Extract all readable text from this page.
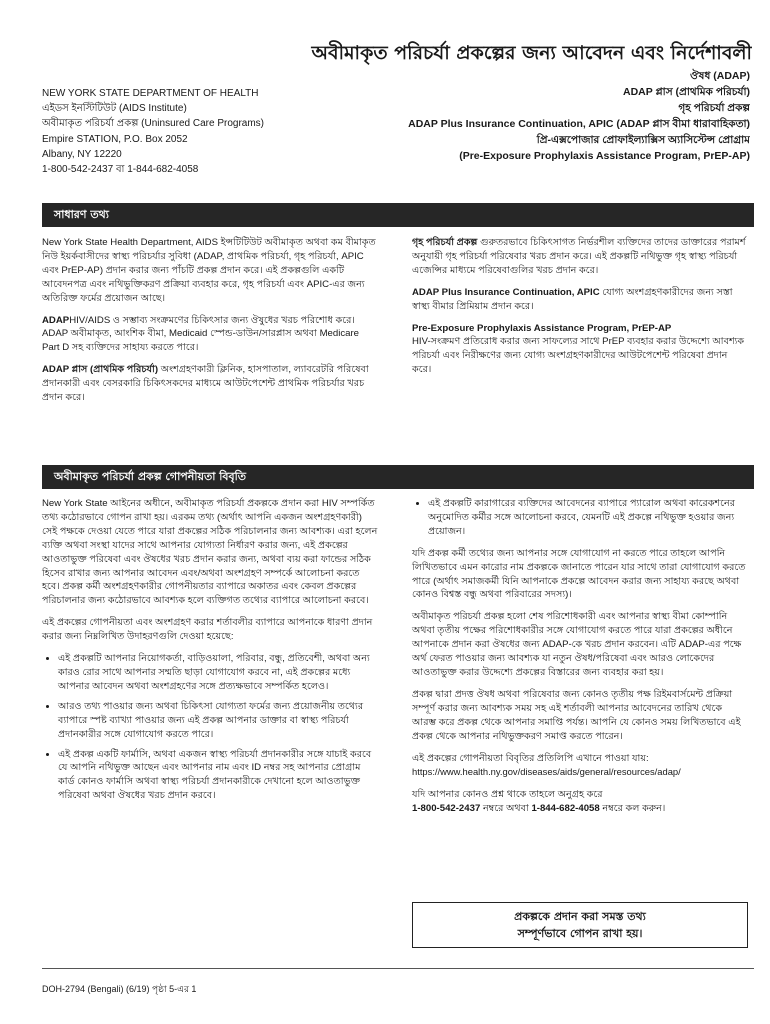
অবীমাকৃত পরিচর্যা প্রকল্পের জন্য আবেদন এবং নির্দেশাবলী
NEW YORK STATE DEPARTMENT OF HEALTH
এইডস ইনস্টিটিউট (AIDS Institute)
অবীমাকৃত পরিচর্যা প্রকল্প (Uninsured Care Programs)
Empire STATION, P.O. Box 2052
Albany, NY 12220
1-800-542-2437 বা 1-844-682-4058
ঔষধ (ADAP)
ADAP প্লাস (প্রাথমিক পরিচর্যা)
গৃহ পরিচর্যা প্রকল্প
ADAP Plus Insurance Continuation, APIC (ADAP প্লাস বীমা ধারাবাহিকতা)
প্রি-এক্সপোজার প্রোফাইল্যাক্সিস অ্যাসিস্টেন্স প্রোগ্রাম
(Pre-Exposure Prophylaxis Assistance Program, PrEP-AP)
সাধারণ তথ্য

New York State Health Department, AIDS ইন্সটিটিউট অবীমাকৃত অথবা কম বীমাকৃত নিউ ইয়র্কবাসীদের স্বাস্থ্য পরিচর্যার সুবিধা (ADAP, প্রাথমিক পরিচর্যা, গৃহ পরিচর্যা, APIC এবং PrEP-AP) প্রদান করার জন্য পাঁচটি প্রকল্প প্রদান করে। এই প্রকল্পগুলি একটি আবেদনপত্র এবং নথিভুক্তিকরণ প্রক্রিয়া ব্যবহার করে, গৃহ পরিচর্যা এবং APIC-এর জন্য অতিরিক্ত ফর্মের প্রয়োজন আছে।

ADAPHIV/AIDS ও সম্ভাব্য সংক্রমণের চিকিৎসার জন্য ঔষুধের খরচ পরিশোধ করে। ADAP অবীমাকৃত, আংশিক বীমা, Medicaid স্পেন্ড-ডাউন/সারপ্লাস অথবা Medicare Part D সহ ব্যক্তিদের সাহায্য করতে পারে।

ADAP প্লাস (প্রাথমিক পরিচর্যা) অংশগ্রহণকারী ক্লিনিক, হাসপাতাল, ল্যাবরেটরি পরিষেবা প্রদানকারী এবং বেসরকারি চিকিৎসকদের মাধ্যমে আউটপেশেন্ট প্রাথমিক পরিচর্যার খরচ প্রদান করে।

গৃহ পরিচর্যা প্রকল্প গুরুতরভাবে চিকিৎসাগত নির্ভরশীল ব্যক্তিদের তাদের ডাক্তারের পরামর্শ অনুযায়ী গৃহ পরিচর্যা পরিষেবার খরচ প্রদান করে। এই প্রকল্পটি নথিভুক্ত গৃহ স্বাস্থ্য পরিচর্যা এজেন্সির মাধ্যমে পরিষেবাগুলির খরচ প্রদান করে।

ADAP Plus Insurance Continuation, APIC যোগ্য অংশগ্রহণকারীদের জন্য সস্তা স্বাস্থ্য বীমার প্রিমিয়াম প্রদান করে।

Pre-Exposure Prophylaxis Assistance Program, PrEP-AP
HIV-সংক্রমণ প্রতিরোধ করার জন্য সাফল্যের সাথে PrEP ব্যবহার করার উদ্দেশ্যে আবশ্যক পরিচর্যা এবং নিরীক্ষণের জন্য যোগ্য অংশগ্রহণকারীদের আউটপেশেন্ট পরিষেবা প্রদান করে।

অবীমাকৃত পরিচর্যা প্রকল্প গোপনীয়তা বিবৃতি

New York State আইনের অধীনে, অবীমাকৃত পরিচর্যা প্রকল্পকে প্রদান করা HIV সম্পর্কিত তথ্য কঠোরভাবে গোপন রাখা হয়। এরকম তথ্য (অর্থাৎ আপনি একজন অংশগ্রহণকারী) সেই পক্ষকে দেওয়া যেতে পারে যারা প্রকল্পের সঠিক পরিচালনার জন্য আবশ্যক। এরা হলেন ব্যক্তি অথবা সংস্থা যাদের সাথে আপনার যোগ্যতা নির্ধারণ করার জন্য, এই প্রকল্পের আওতাভুক্ত পরিষেবা এবং ঔষধের খরচ প্রদান করার জন্য, অথবা ব্যয় করা ফান্ডের সঠিক হিসেব রাখার জন্য আপনার আবেদন এবং/অথবা অংশগ্রহণ সম্পর্কে আলোচনা করতে হবে। প্রকল্প কর্মী অংশগ্রহণকারীর গোপনীয়তার ব্যাপারে অকাতর এবং কেবল প্রকল্পের পরিচালনার জন্য কঠোরভাবে আবশ্যক হলে ব্যক্তিগত তথ্যের ব্যাপারে আলোচনা করবে।

এই প্রকল্পের গোপনীয়তা এবং অংশগ্রহণ করার শর্তাবলীর ব্যাপারে আপনাকে ধারণা প্রদান করার জন্য নিম্নলিখিত উদাহরণগুলি দেওয়া হয়েছে:

• এই প্রকল্পটি আপনার নিয়োগকর্তা, বাড়িওয়ালা, পরিবার, বন্ধু, প্রতিবেশী, অথবা অন্য কারও রোর সাথে আপনার সম্মতি ছাড়া যোগাযোগ করবে না, এই প্রকল্পের মধ্যে আপনার আবেদন অথবা অংশগ্রহণের সঙ্গে প্রত্যক্ষভাবে সম্পর্কিত হলেও।
• আরও তথ্য পাওয়ার জন্য অথবা চিকিৎসা যোগ্যতা ফর্মের জন্য প্রয়োজনীয় তথ্যের ব্যাপারে স্পষ্ট ব্যাখ্যা পাওয়ার জন্য এই প্রকল্প আপনার ডাক্তার বা স্বাস্থ্য পরিচর্যা প্রদানকারীর সঙ্গে যোগাযোগ করতে পারে।
• এই প্রকল্প একটি ফার্মাসি, অথবা একজন স্বাস্থ্য পরিচর্যা প্রদানকারীর সঙ্গে যাচাই করবে যে আপনি নথিভুক্ত আছেন এবং আপনার নাম এবং ID নম্বর সহ আপনার প্রোগ্রাম কার্ড কোনও ফার্মাসি অথবা স্বাস্থ্য পরিচর্যা প্রদানকারীকে দেখানো হলে আওতাভুক্ত পরিষেবা অথবা ঔষধের খরচ প্রদান করবে।
• এই প্রকল্পটি কারাগারের ব্যক্তিদের আবেদনের ব্যাপারে প্যারোল অথবা কারেকশনের অনুমোদিত কর্মীর সঙ্গে আলোচনা করবে, যেমনটি এই প্রকল্পে নথিভুক্ত হওয়ার জন্য প্রয়োজন।

যদি প্রকল্প কর্মী তথ্যের জন্য আপনার সঙ্গে যোগাযোগ না করতে পারে তাহলে আপনি লিখিতভাবে এমন কারোর নাম প্রকল্পকে জানাতে পারেন যার সাথে তারা যোগাযোগ করতে পারে (অর্থাৎ সমাজকর্মী যিনি আপনাকে প্রকল্পে আবেদন করার জন্য সাহায্য করছে অথবা কোনও বিশ্বস্ত বন্ধু অথবা পরিবারের সদস্য)।

অবীমাকৃত পরিচর্যা প্রকল্প হলো শেষ পরিশোধকারী এবং আপনার স্বাস্থ্য বীমা কোম্পানি অথবা তৃতীয় পক্ষের পরিশোধকারীর সঙ্গে যোগাযোগ করতে পারে যারা প্রকল্পের অধীনে আপনাকে প্রদান করা ঔষধের জন্য ADAP-কে খরচ প্রদান করবেন। এটি ADAP-এর পক্ষে অর্থ ফেরত পাওয়ার জন্য আবশ্যক যা নতুন ঔষধ/পরিষেবা এবং আরও লোকেদের আওতাভুক্ত করার উদ্দেশ্যে প্রকল্পের বিস্তারের জন্য ব্যবহার করা হয়।

প্রকল্প দ্বারা প্রদত্ত ঔষধ অথবা পরিষেবার জন্য কোনও তৃতীয় পক্ষ রিইমবার্সমেন্ট প্রক্রিয়া সম্পূর্ণ করার জন্য আবশ্যক সময় সহ এই শর্তাবলী আপনার আবেদনের তারিখ থেকে আরম্ভ করে প্রকল্প থেকে আপনার সমাপ্তি পর্যন্ত। আপনি যে কোনও সময় লিখিতভাবে এই প্রকল্প থেকে আপনার নথিভুক্তকরণ সমাপ্ত করতে পারেন।

এই প্রকল্পের গোপনীয়তা বিবৃতির প্রতিলিপি এখানে পাওয়া যায়:
https://www.health.ny.gov/diseases/aids/general/resources/adap/

যদি আপনার কোনও প্রশ্ন থাকে তাহলে অনুগ্রহ করে
1-800-542-2437 নম্বরে অথবা 1-844-682-4058 নম্বরে কল করুন।

প্রকল্পকে প্রদান করা সমস্ত তথ্য
সম্পূর্ণভাবে গোপন রাখা হয়।
DOH-2794 (Bengali) (6/19) পৃষ্ঠা 5-এর 1
